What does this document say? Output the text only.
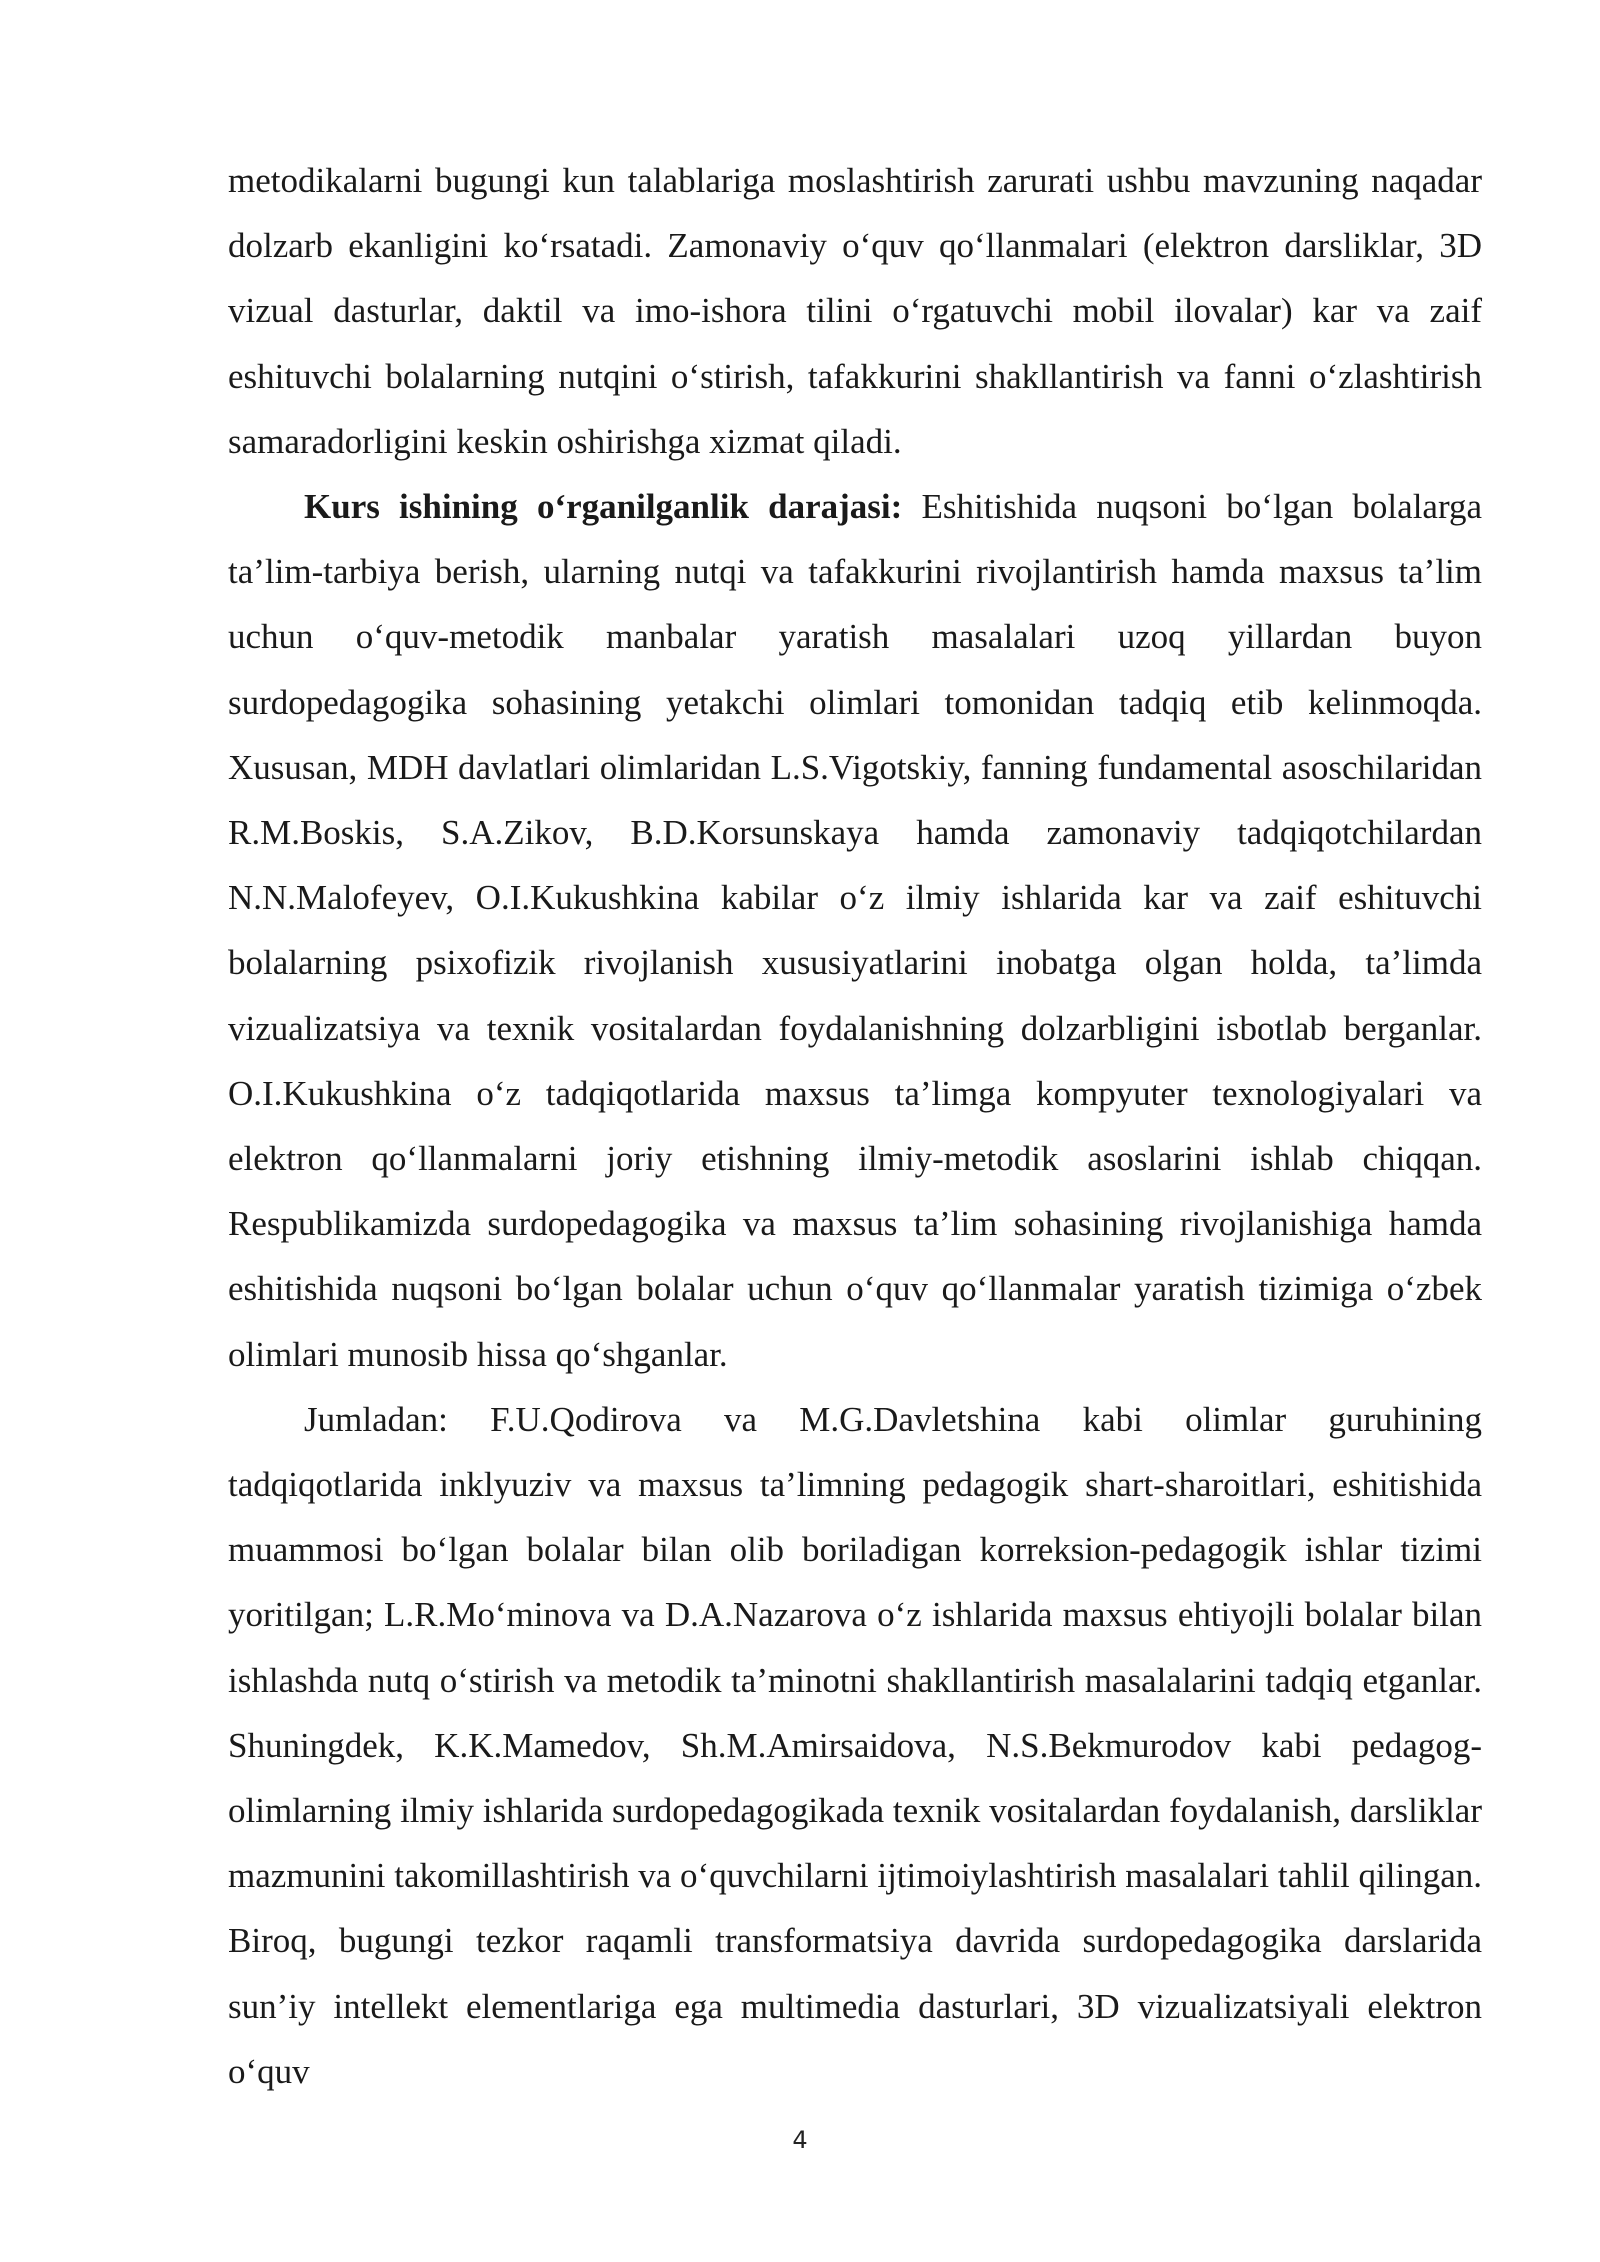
metodikalarni bugungi kun talablariga moslashtirish zarurati ushbu mavzuning naqadar dolzarb ekanligini ko‘rsatadi. Zamonaviy o‘quv qo‘llanmalari (elektron darsliklar, 3D vizual dasturlar, daktil va imo-ishora tilini o‘rgatuvchi mobil ilovalar) kar va zaif eshituvchi bolalarning nutqini o‘stirish, tafakkurini shakllantirish va fanni o‘zlashtirish samaradorligini keskin oshirishga xizmat qiladi.

Kurs ishining o‘rganilganlik darajasi: Eshitishida nuqsoni bo‘lgan bolalarga ta’lim-tarbiya berish, ularning nutqi va tafakkurini rivojlantirish hamda maxsus ta’lim uchun o‘quv-metodik manbalar yaratish masalalari uzoq yillardan buyon surdopedagogika sohasining yetakchi olimlari tomonidan tadqiq etib kelinmoqda. Xususan, MDH davlatlari olimlaridan L.S.Vigotskiy, fanning fundamental asoschilaridan R.M.Boskis, S.A.Zikov, B.D.Korsunskaya hamda zamonaviy tadqiqotchilardan N.N.Malofeyev, O.I.Kukushkina kabilar o‘z ilmiy ishlarida kar va zaif eshituvchi bolalarning psixofizik rivojlanish xususiyatlarini inobatga olgan holda, ta’limda vizualizatsiya va texnik vositalardan foydalanishning dolzarbligini isbotlab berganlar. O.I.Kukushkina o‘z tadqiqotlarida maxsus ta’limga kompyuter texnologiyalari va elektron qo‘llanmalarni joriy etishning ilmiy-metodik asoslarini ishlab chiqqan. Respublikamizda surdopedagogika va maxsus ta’lim sohasining rivojlanishiga hamda eshitishida nuqsoni bo‘lgan bolalar uchun o‘quv qo‘llanmalar yaratish tizimiga o‘zbek olimlari munosib hissa qo‘shganlar.

Jumladan: F.U.Qodirova va M.G.Davletshina kabi olimlar guruhining tadqiqotlarida inklyuziv va maxsus ta’limning pedagogik shart-sharoitlari, eshitishida muammosi bo‘lgan bolalar bilan olib boriladigan korreksion-pedagogik ishlar tizimi yoritilgan; L.R.Mo‘minova va D.A.Nazarova o‘z ishlarida maxsus ehtiyojli bolalar bilan ishlashda nutq o‘stirish va metodik ta’minotni shakllantirish masalalarini tadqiq etganlar. Shuningdek, K.K.Mamedov, Sh.M.Amirsaidova, N.S.Bekmurodov kabi pedagog-olimlarning ilmiy ishlarida surdopedagogikada texnik vositalardan foydalanish, darsliklar mazmunini takomillashtirish va o‘quvchilarni ijtimoiylashtirish masalalari tahlil qilingan. Biroq, bugungi tezkor raqamli transformatsiya davrida surdopedagogika darslarida sun’iy intellekt elementlariga ega multimedia dasturlari, 3D vizualizatsiyali elektron o‘quv

4
